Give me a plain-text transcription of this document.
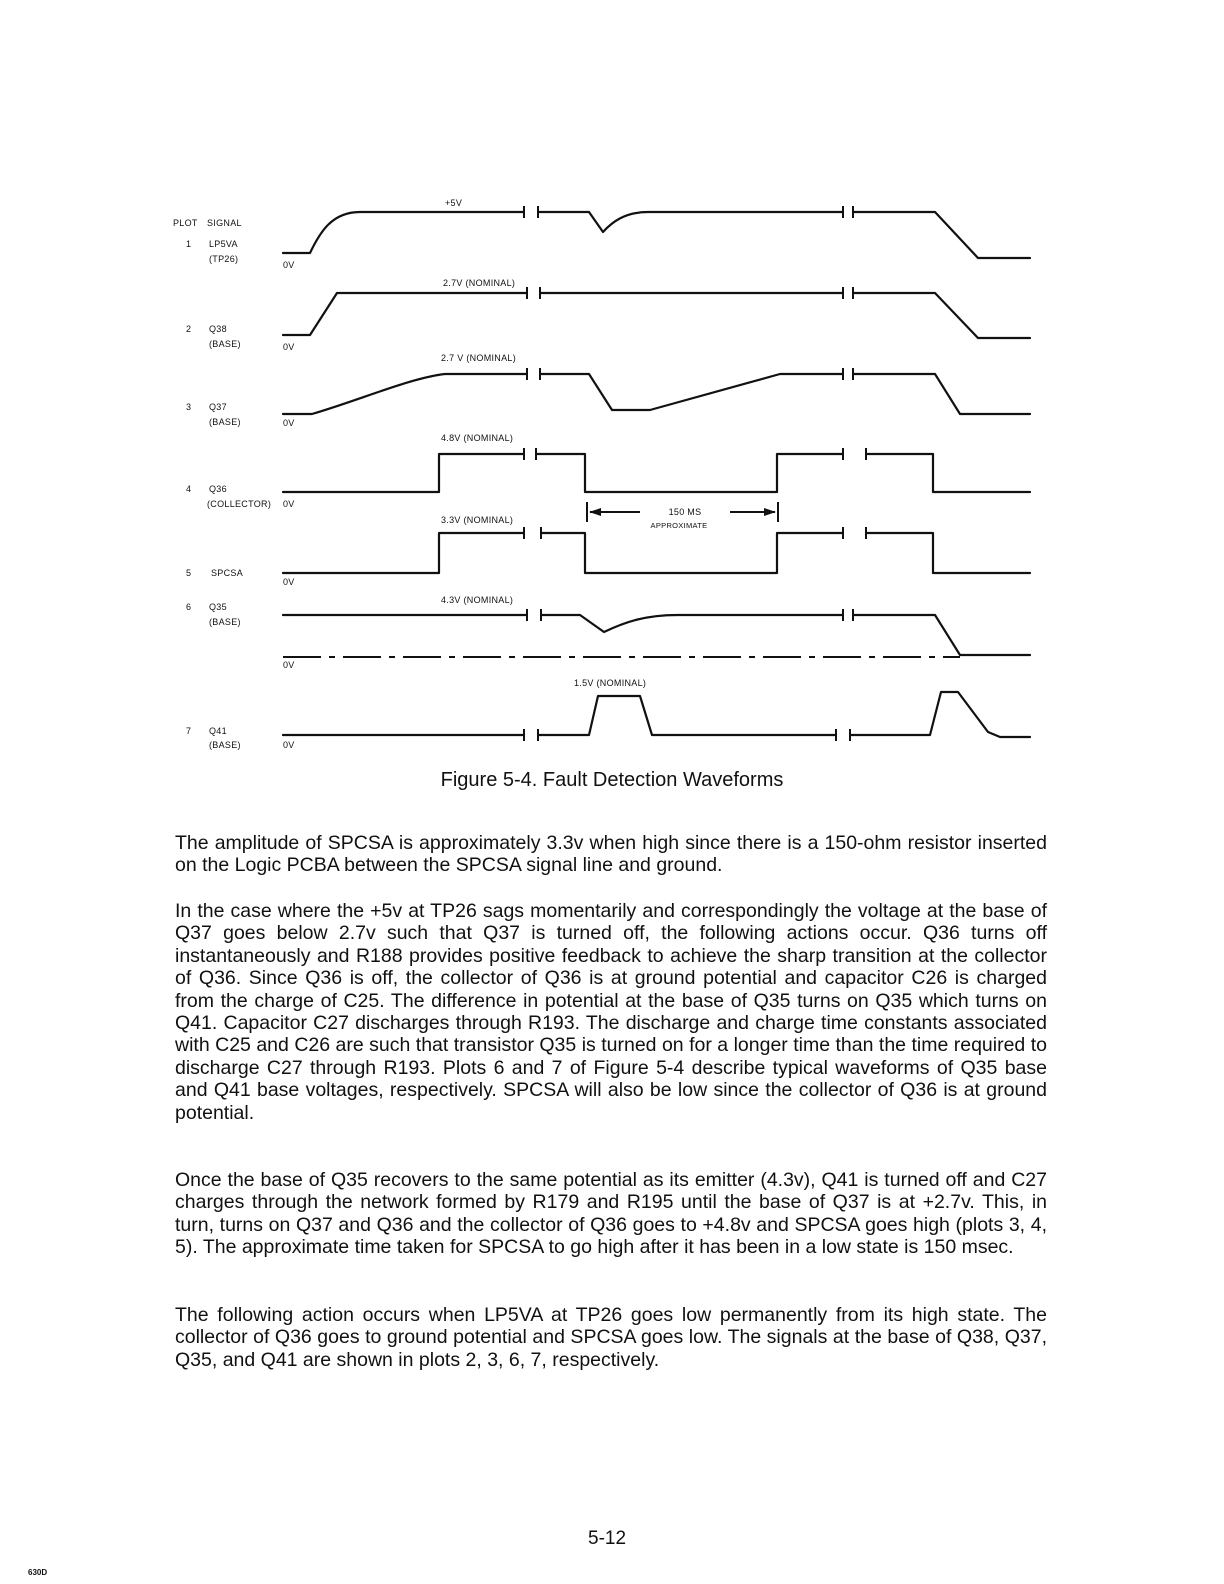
PLOT SIGNAL
1 LP5VA
(TP26)
0V
+5V
2 Q38
(BASE)	0V
2.7V (NOMINAL)
3 Q37
(BASE)	0V
2.7 V (NOMINAL)
4 Q36
(COLLECTOR) 0V
4.8V (NOMINAL)
150 MS
APPROXIMATE
5 SPCSA
0V
3.3V (NOMINAL)
6 Q35
(BASE)
0V
4.3V (NOMINAL)
7 Q41
(BASE)	0V
1.5V (NOMINAL)
Figure 5-4. Fault Detection Waveforms

The amplitude of SPCSA is approximately 3.3v when high since there is a 150-ohm resistor inserted on the Logic PCBA between the SPCSA signal line and ground.

In the case where the +5v at TP26 sags momentarily and correspondingly the voltage at the base of Q37 goes below 2.7v such that Q37 is turned off, the following actions occur. Q36 turns off instantaneously and R188 provides positive feedback to achieve the sharp transition at the collector of Q36. Since Q36 is off, the collector of Q36 is at ground potential and capacitor C26 is charged from the charge of C25. The difference in potential at the base of Q35 turns on Q35 which turns on Q41. Capacitor C27 discharges through R193. The discharge and charge time constants associated with C25 and C26 are such that transistor Q35 is turned on for a longer time than the time required to discharge C27 through R193. Plots 6 and 7 of Figure 5-4 describe typical waveforms of Q35 base and Q41 base voltages, respectively. SPCSA will also be low since the collector of Q36 is at ground potential.

Once the base of Q35 recovers to the same potential as its emitter (4.3v), Q41 is turned off and C27 charges through the network formed by R179 and R195 until the base of Q37 is at +2.7v. This, in turn, turns on Q37 and Q36 and the collector of Q36 goes to +4.8v and SPCSA goes high (plots 3, 4, 5). The approximate time taken for SPCSA to go high after it has been in a low state is 150 msec.

The following action occurs when LP5VA at TP26 goes low permanently from its high state. The collector of Q36 goes to ground potential and SPCSA goes low. The signals at the base of Q38, Q37, Q35, and Q41 are shown in plots 2, 3, 6, 7, respectively.

5-12
630D
